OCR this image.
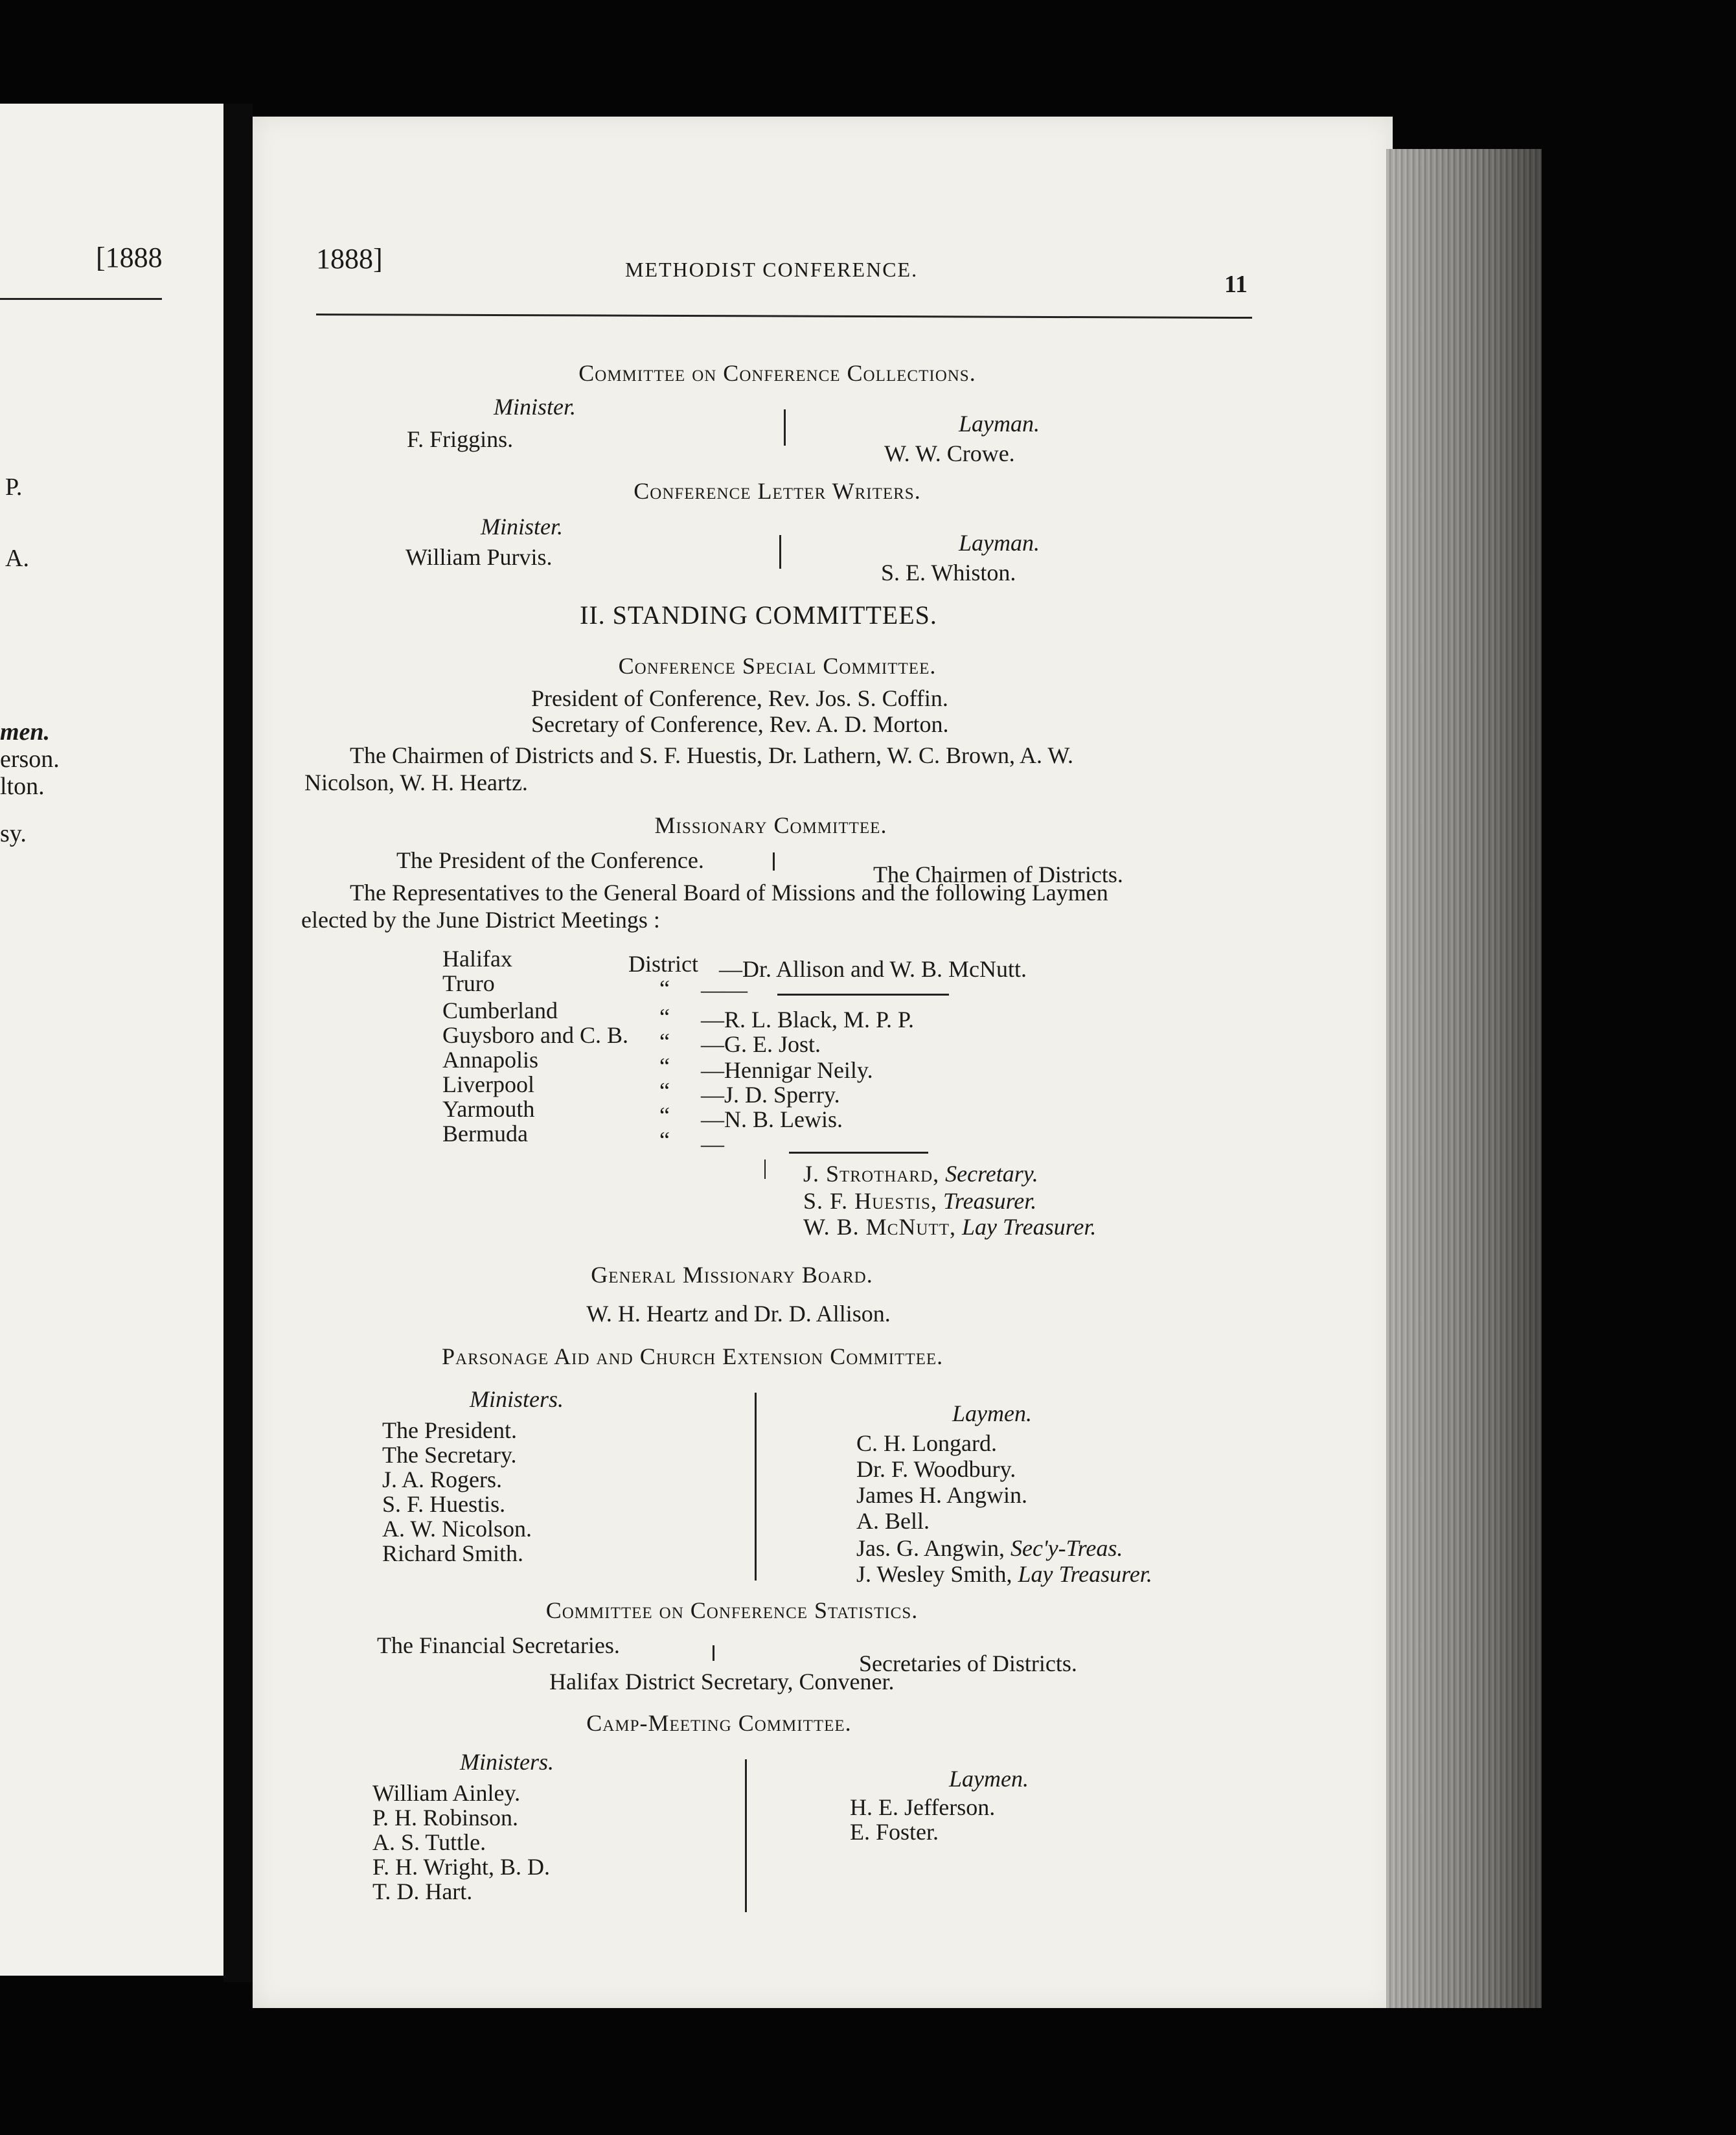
[1888
P.
A.
men.
erson.
lton.
sy.
1888]	METHODIST CONFERENCE.
11
Committee on Conference Collections.
Minister.
F. Friggins.
Layman.
W. W. Crowe.
Conference Letter Writers.
Minister.
William Purvis.
Layman.
S. E. Whiston.
II. STANDING COMMITTEES.
Conference Special Committee.
President of Conference, Rev. Jos. S. Coffin.
Secretary of Conference, Rev. A. D. Morton.
The Chairmen of Districts and S. F. Huestis, Dr. Lathern, W. C. Brown, A. W.
Nicolson, W. H. Heartz.
Missionary Committee.
The President of the Conference.
The Chairmen of Districts.
The Representatives to the General Board of Missions and the following Laymen
elected by the June District Meetings :
Halifax	District —Dr. Allison and W. B. McNutt.
Truro	“ ——
Cumberland	“ —R. L. Black, M. P. P.
Guysboro and C. B. “ —G. E. Jost.
Annapolis	“ —Hennigar Neily.
Liverpool	“ —J. D. Sperry.
Yarmouth	“ —N. B. Lewis.
Bermuda	“ —
J. Strothard, Secretary.
S. F. Huestis, Treasurer.
W. B. McNutt, Lay Treasurer.
General Missionary Board.
W. H. Heartz and Dr. D. Allison.
Parsonage Aid and Church Extension Committee.
Ministers.
The President.
The Secretary.
J. A. Rogers.
S. F. Huestis.
A. W. Nicolson.
Richard Smith.
Laymen.
C. H. Longard.
Dr. F. Woodbury.
James H. Angwin.
A. Bell.
Jas. G. Angwin, Sec'y-Treas.
J. Wesley Smith, Lay Treasurer.
Committee on Conference Statistics.
The Financial Secretaries.
Secretaries of Districts.
Halifax District Secretary, Convener.
Camp-Meeting Committee.
Ministers.
William Ainley.
P. H. Robinson.
A. S. Tuttle.
F. H. Wright, B. D.
T. D. Hart.
Laymen.
H. E. Jefferson.
E. Foster.
